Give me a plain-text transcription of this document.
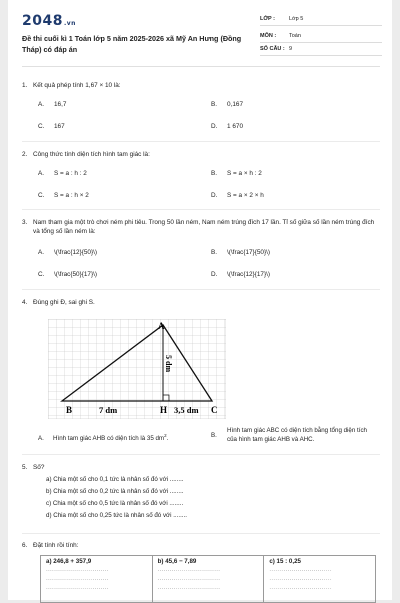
2048.vn
Đề thi cuối kì 1 Toán lớp 5 năm 2025-2026 xã Mỹ An Hưng (Đồng Tháp) có đáp án
LỚP :	Lớp 5
MÔN : Toán
SỐ CÂU : 9
1. Kết quả phép tính 1,67 × 10 là:
A. 16,7	B. 0,167
C. 167	D. 1 670
2. Công thức tính diện tích hình tam giác là:
A. S = a : h : 2	B. S = a × h : 2
C. S = a : h × 2	D. S = a × 2 × h
3. Nam tham gia một trò chơi ném phi tiêu. Trong 50 lần ném, Nam ném trúng đích 17 lần. Tỉ số giữa số lần ném trúng đích và tổng số lần ném là:
A. \(\frac{12}{50}\)	B. \(\frac{17}{50}\)
C. \(\frac{50}{17}\)	D. \(\frac{12}{17}\)
4. Đúng ghi Đ, sai ghi S.
A
B	7 dm	H 3,5 dm C
5 dm
A. Hình tam giác AHB có diện tích là 35 $dm^2$.	B.
Hình tam giác ABC có diện tích bằng tổng diện tích của hình tam giác AHB và AHC.
5. Số?
a) Chia một số cho 0,1 tức là nhân số đó với ........
b) Chia một số cho 0,2 tức là nhân số đó với ........
c) Chia một số cho 0,5 tức là nhân số đó với ........
d) Chia một số cho 0,25 tức là nhân số đó với ........
6. Đặt tính rồi tính:
a) 246,8 + 357,9
...............................
...............................
...............................

b) 45,6 − 7,89
...............................
...............................
...............................

c) 15 : 0,25
...............................
...............................
...............................
